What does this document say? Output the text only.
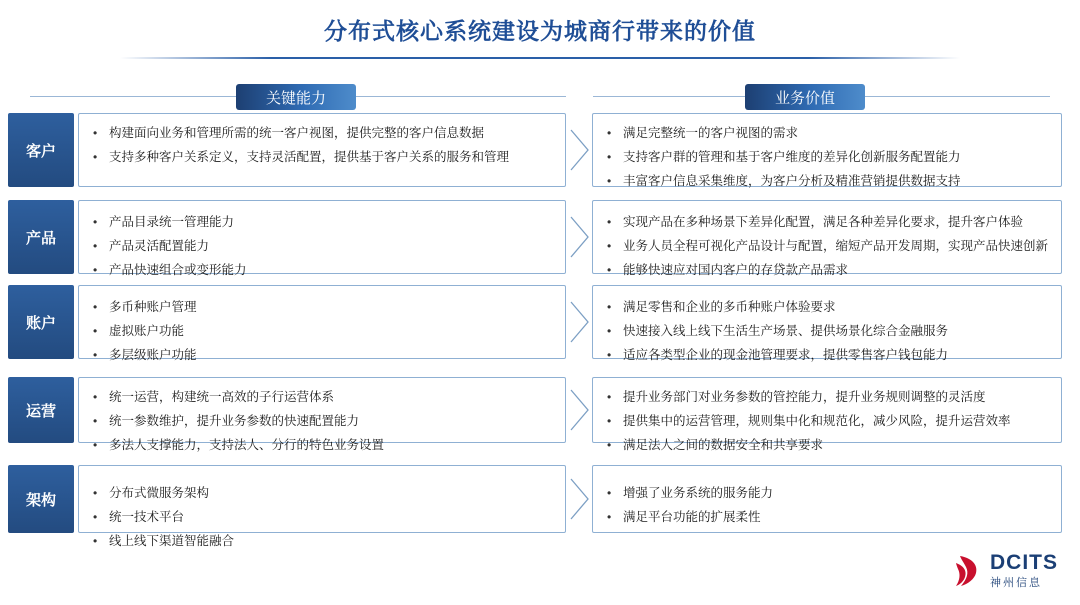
分布式核心系统建设为城商行带来的价值
关键能力	业务价值
客户
• 构建面向业务和管理所需的统一客户视图，提供完整的客户信息数据
• 支持多种客户关系定义，支持灵活配置，提供基于客户关系的服务和管理
• 满足完整统一的客户视图的需求
• 支持客户群的管理和基于客户维度的差异化创新服务配置能力
• 丰富客户信息采集维度，为客户分析及精准营销提供数据支持
产品
• 产品目录统一管理能力
• 产品灵活配置能力
• 产品快速组合或变形能力
• 实现产品在多种场景下差异化配置，满足各种差异化要求，提升客户体验
• 业务人员全程可视化产品设计与配置，缩短产品开发周期，实现产品快速创新
• 能够快速应对国内客户的存贷款产品需求
账户
• 多币种账户管理
• 虚拟账户功能
• 多层级账户功能
• 满足零售和企业的多币种账户体验要求
• 快速接入线上线下生活生产场景、提供场景化综合金融服务
• 适应各类型企业的现金池管理要求，提供零售客户钱包能力
运营
• 统一运营，构建统一高效的子行运营体系
• 统一参数维护，提升业务参数的快速配置能力
• 多法人支撑能力，支持法人、分行的特色业务设置
• 提升业务部门对业务参数的管控能力，提升业务规则调整的灵活度
• 提供集中的运营管理，规则集中化和规范化，减少风险，提升运营效率
• 满足法人之间的数据安全和共享要求
架构	• 分布式微服务架构
• 统一技术平台
• 线上线下渠道智能融合
• 增强了业务系统的服务能力
• 满足平台功能的扩展柔性
DCITS
神州信息
